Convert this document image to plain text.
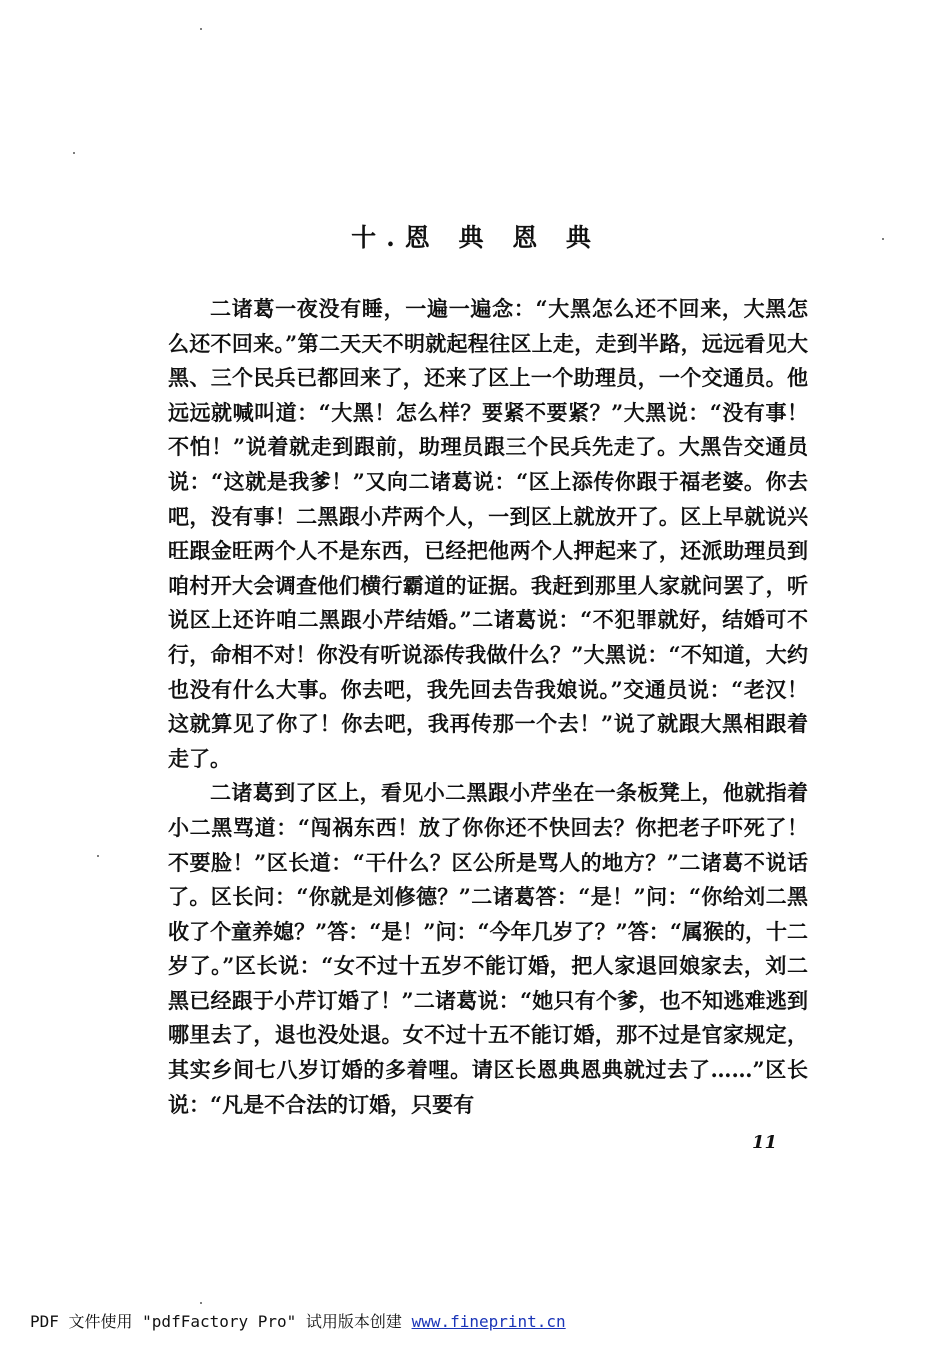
十.恩 典 恩 典

二诸葛一夜没有睡，一遍一遍念：“大黑怎么还不回来，大黑怎么还不回来。”第二天天不明就起程往区上走，走到半路，远远看见大黑、三个民兵已都回来了，还来了区上一个助理员，一个交通员。他远远就喊叫道：“大黑！怎么样？要紧不要紧？”大黑说：“没有事！不怕！”说着就走到跟前，助理员跟三个民兵先走了。大黑告交通员说：“这就是我爹！”又向二诸葛说：“区上添传你跟于福老婆。你去吧，没有事！二黑跟小芹两个人，一到区上就放开了。区上早就说兴旺跟金旺两个人不是东西，已经把他两个人押起来了，还派助理员到咱村开大会调查他们横行霸道的证据。我赶到那里人家就问罢了，听说区上还许咱二黑跟小芹结婚。”二诸葛说：“不犯罪就好，结婚可不行，命相不对！你没有听说添传我做什么？”大黑说：“不知道，大约也没有什么大事。你去吧，我先回去告我娘说。”交通员说：“老汉！这就算见了你了！你去吧，我再传那一个去！”说了就跟大黑相跟着走了。

二诸葛到了区上，看见小二黑跟小芹坐在一条板凳上，他就指着小二黑骂道：“闯祸东西！放了你你还不快回去？你把老子吓死了！不要脸！”区长道：“干什么？区公所是骂人的地方？”二诸葛不说话了。区长问：“你就是刘修德？”二诸葛答：“是！”问：“你给刘二黑收了个童养媳？”答：“是！”问：“今年几岁了？”答：“属猴的，十二岁了。”区长说：“女不过十五岁不能订婚，把人家退回娘家去，刘二黑已经跟于小芹订婚了！”二诸葛说：“她只有个爹，也不知逃难逃到哪里去了，退也没处退。女不过十五不能订婚，那不过是官家规定，其实乡间七八岁订婚的多着哩。请区长恩典恩典就过去了……”区长说：“凡是不合法的订婚，只要有

11
PDF 文件使用 "pdfFactory Pro" 试用版本创建 www.fineprint.cn
